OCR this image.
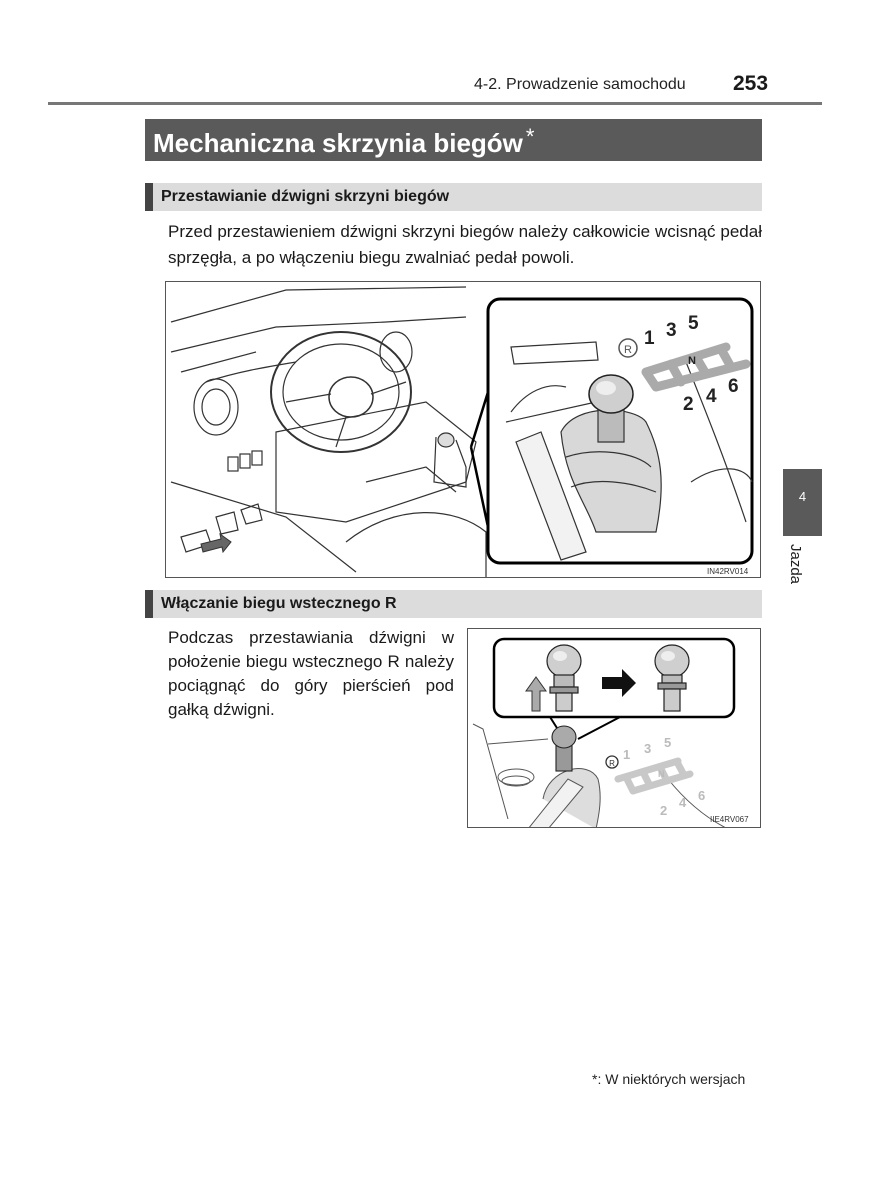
4-2. Prowadzenie samochodu 253
Mechaniczna skrzynia biegów *
Przestawianie dźwigni skrzyni biegów
Przed przestawieniem dźwigni skrzyni biegów należy całkowicie wcisnąć pedał sprzęgła, a po włączeniu biegu zwalniać pedał powoli.
R
1 3 5
N
2 4 6
IN42RV014
Włączanie biegu wstecznego R
Podczas przestawiania dźwigni w położenie biegu wstecznego R należy pociągnąć do góry pierścień pod gałką dźwigni.
R
1 3 5
N
2
4 6
IIE4RV067
4
Jazda
*: W niektórych wersjach
